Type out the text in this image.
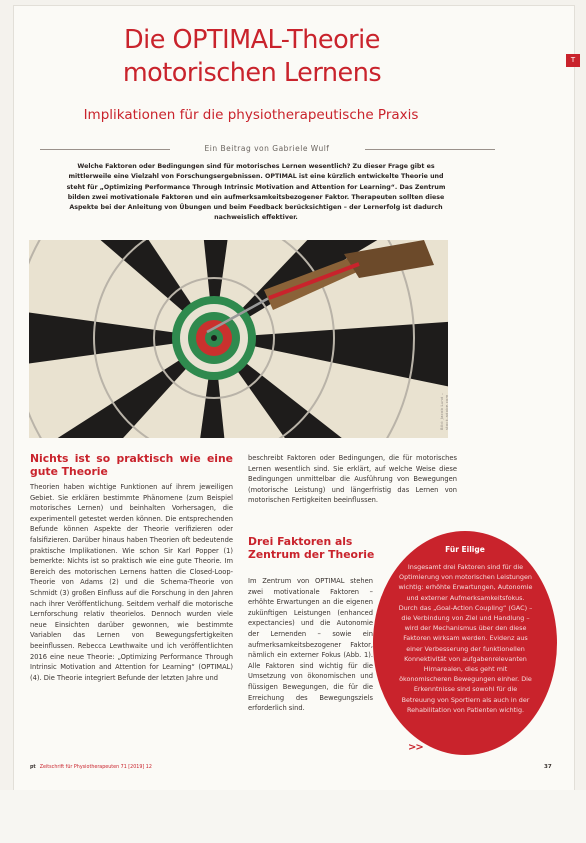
T
Die OPTIMAL-Theorie
motorischen Lernens
Implikationen für die physiotherapeutische Praxis
Ein Beitrag von Gabriele Wulf
Welche Faktoren oder Bedingungen sind für motorisches Lernen wesentlich? Zu dieser Frage gibt es mittlerweile eine Vielzahl von Forschungsergebnissen. OPTIMAL ist eine kürzlich entwickelte Theorie und steht für „Optimizing Performance Through Intrinsic Motivation and Attention for Learning“. Das Zentrum bilden zwei motivationale Faktoren und ein aufmerksamkeitsbezogener Faktor. Therapeuten sollten diese Aspekte bei der Anleitung von Übungen und beim Feedback berücksichtigen – der Lernerfolg ist dadurch nachweislich effektiver.
Bild: Jacob Lund – stock.adobe.com
Nichts ist so praktisch wie eine gute Theorie

Theorien haben wichtige Funktionen auf ihrem jeweiligen Gebiet. Sie erklären bestimmte Phänomene (zum Beispiel motorisches Lernen) und beinhalten Vorhersagen, die experimentell getestet werden können. Die entsprechenden Befunde können Aspekte der Theorie verifizieren oder falsifizieren. Darüber hinaus haben Theorien oft bedeutende praktische Implikationen. Wie schon Sir Karl Popper (1) bemerkte: Nichts ist so praktisch wie eine gute Theorie. Im Bereich des motorischen Lernens hatten die Closed-Loop-Theorie von Adams (2) und die Schema-Theorie von Schmidt (3) großen Einfluss auf die Forschung in den Jahren nach ihrer Veröffentlichung. Seitdem verhalf die motorische Lernforschung relativ theorielos. Dennoch wurden viele neue Einsichten darüber gewonnen, wie bestimmte Variablen das Lernen von Bewegungsfertigkeiten beeinflussen. Rebecca Lewthwaite und ich veröffentlichten 2016 eine neue Theorie: „Optimizing Performance Through Intrinsic Motivation and Attention for Learning“ (OPTIMAL) (4). Die Theorie integriert Befunde der letzten Jahre und

beschreibt Faktoren oder Bedingungen, die für motorisches Lernen wesentlich sind. Sie erklärt, auf welche Weise diese Bedingungen unmittelbar die Ausführung von Bewegungen (motorische Leistung) und längerfristig das Lernen von motorischen Fertigkeiten beeinflussen.

Drei Faktoren als Zentrum der Theorie

Im Zentrum von OPTIMAL stehen zwei motivationale Faktoren – erhöhte Erwartungen an die eigenen zukünftigen Leistungen (enhanced expectancies) und die Autonomie der Lernenden – sowie ein aufmerksamkeitsbezogener Faktor, nämlich ein externer Fokus (Abb. 1). Alle Faktoren sind wichtig für die Umsetzung von ökonomischen und flüssigen Bewegungen, die für die Erreichung des Bewegungsziels erforderlich sind.

Für Eilige
Insgesamt drei Faktoren sind für die Optimierung von motorischen Leistungen wichtig: erhöhte Erwartungen, Autonomie und externer Aufmerksamkeitsfokus. Durch das „Goal-Action Coupling“ (GAC) – die Verbindung von Ziel und Handlung – wird der Mechanismus über den diese Faktoren wirksam werden. Evidenz aus einer Verbesserung der funktionellen Konnektivität von aufgabenrelevanten Hirnarealen, dies geht mit ökonomischeren Bewegungen einher. Die Erkenntnisse sind sowohl für die Betreuung von Sportlern als auch in der Rehabilitation von Patienten wichtig.
>>
pt Zeitschrift für Physiotherapeuten 71 [2019] 12	37
